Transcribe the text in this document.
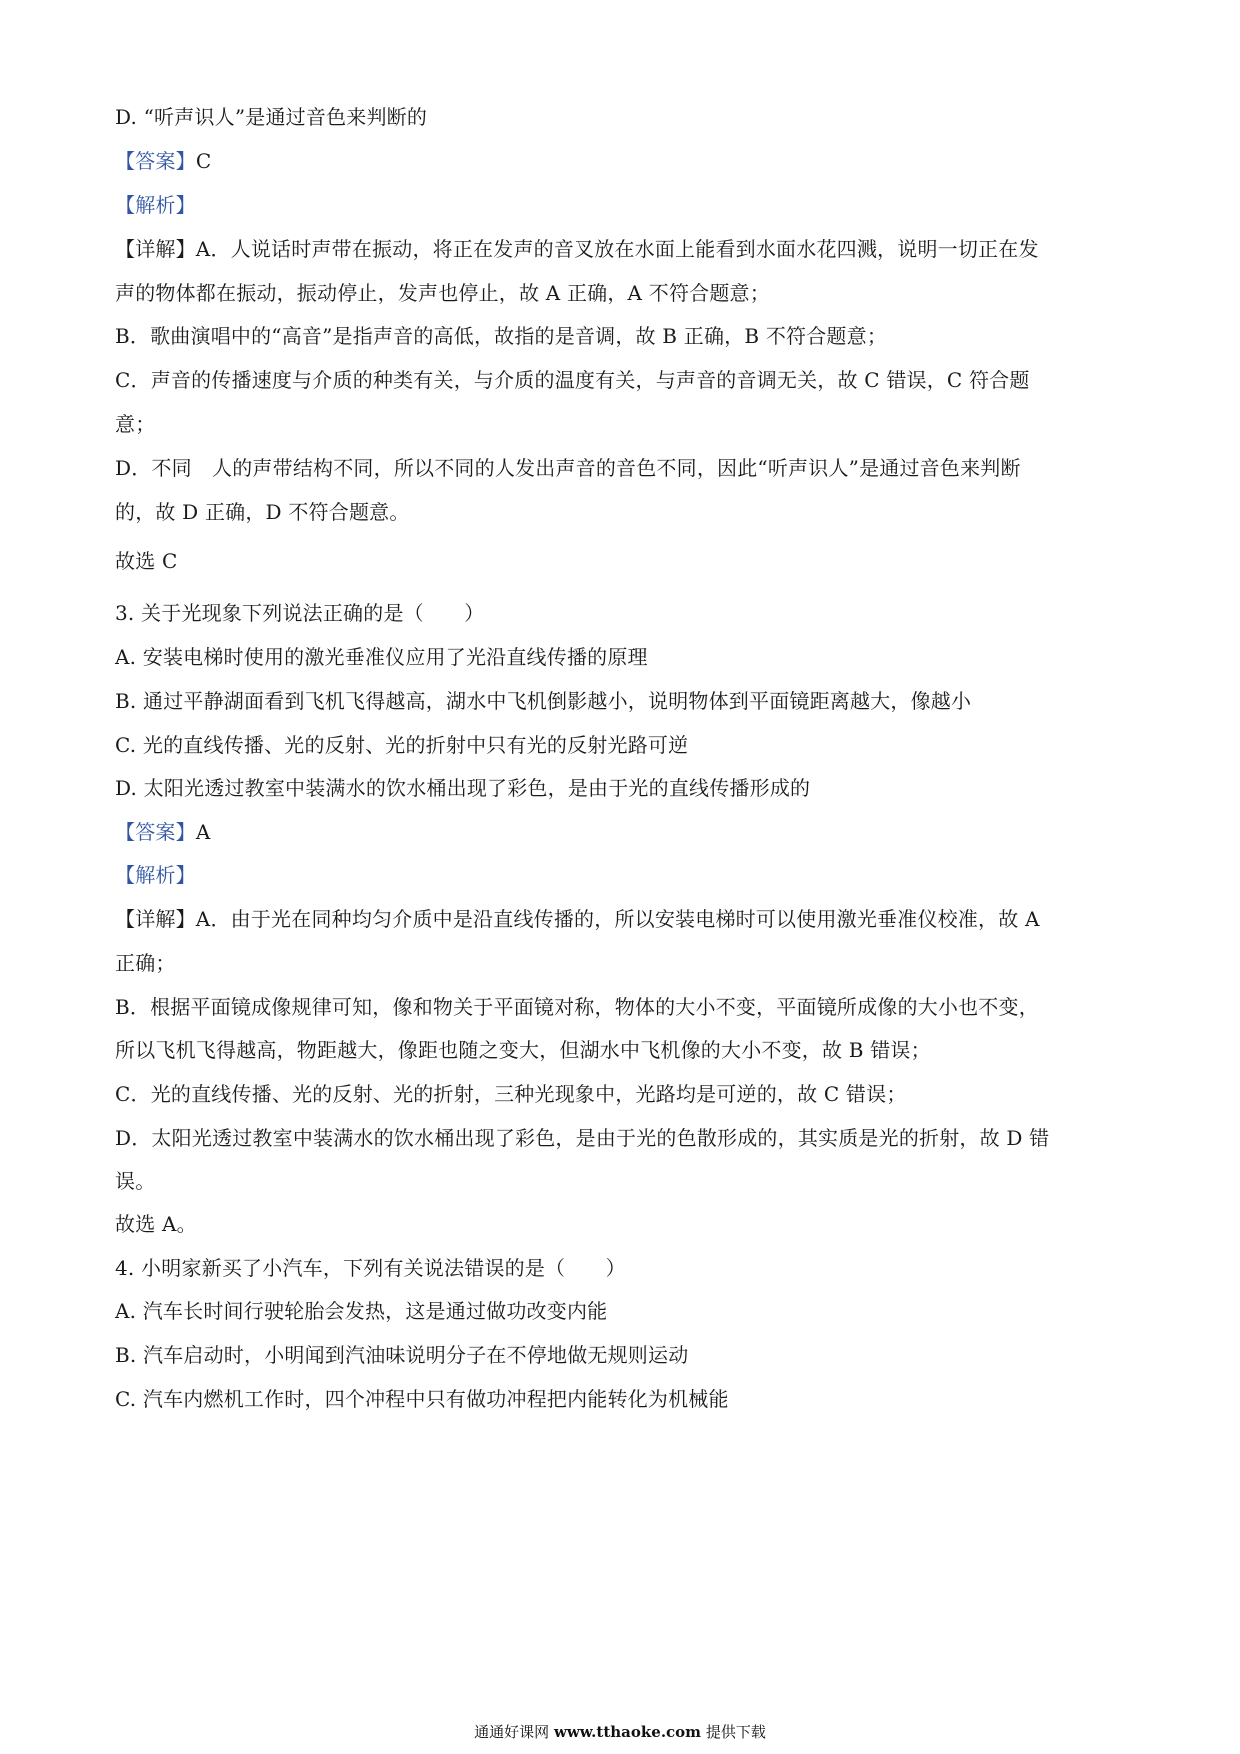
D. “听声识人”是通过音色来判断的
【答案】C
【解析】
【详解】A．人说话时声带在振动，将正在发声的音叉放在水面上能看到水面水花四溅，说明一切正在发
声的物体都在振动，振动停止，发声也停止，故 A 正确，A 不符合题意；
B．歌曲演唱中的“高音”是指声音的高低，故指的是音调，故 B 正确，B 不符合题意；
C．声音的传播速度与介质的种类有关，与介质的温度有关，与声音的音调无关，故 C 错误，C 符合题
意；
D．不同　人的声带结构不同，所以不同的人发出声音的音色不同，因此“听声识人”是通过音色来判断
的，故 D 正确，D 不符合题意。
故选 C
3. 关于光现象下列说法正确的是（　　）
A. 安装电梯时使用的激光垂准仪应用了光沿直线传播的原理
B. 通过平静湖面看到飞机飞得越高，湖水中飞机倒影越小，说明物体到平面镜距离越大，像越小
C. 光的直线传播、光的反射、光的折射中只有光的反射光路可逆
D. 太阳光透过教室中装满水的饮水桶出现了彩色，是由于光的直线传播形成的
【答案】A
【解析】
【详解】A．由于光在同种均匀介质中是沿直线传播的，所以安装电梯时可以使用激光垂准仪校准，故 A
正确；
B．根据平面镜成像规律可知，像和物关于平面镜对称，物体的大小不变，平面镜所成像的大小也不变，
所以飞机飞得越高，物距越大，像距也随之变大，但湖水中飞机像的大小不变，故 B 错误；
C．光的直线传播、光的反射、光的折射，三种光现象中，光路均是可逆的，故 C 错误；
D．太阳光透过教室中装满水的饮水桶出现了彩色，是由于光的色散形成的，其实质是光的折射，故 D 错
误。
故选 A。
4. 小明家新买了小汽车，下列有关说法错误的是（　　）
A. 汽车长时间行驶轮胎会发热，这是通过做功改变内能
B. 汽车启动时，小明闻到汽油味说明分子在不停地做无规则运动
C. 汽车内燃机工作时，四个冲程中只有做功冲程把内能转化为机械能
通通好课网 www.tthaoke.com 提供下载
